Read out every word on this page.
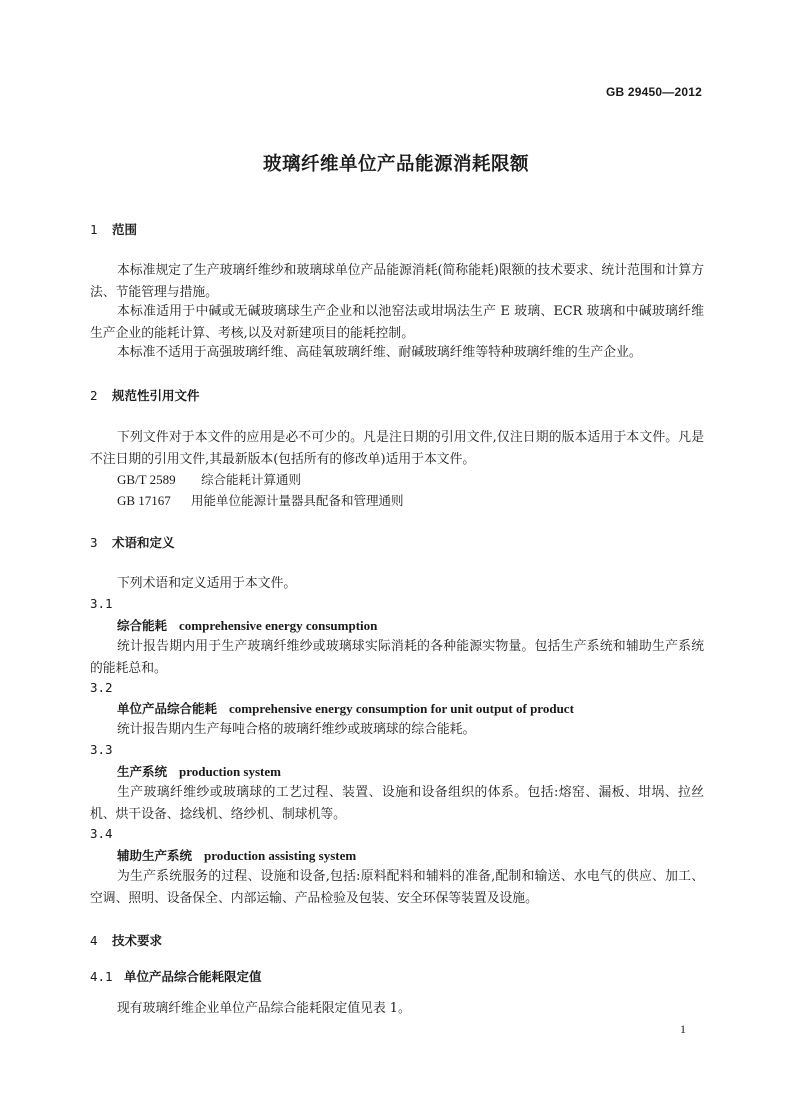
GB 29450—2012
玻璃纤维单位产品能源消耗限额
1 范围
本标准规定了生产玻璃纤维纱和玻璃球单位产品能源消耗(简称能耗)限额的技术要求、统计范围和计算方法、节能管理与措施。
本标准适用于中碱或无碱玻璃球生产企业和以池窑法或坩埚法生产 E 玻璃、ECR 玻璃和中碱玻璃纤维生产企业的能耗计算、考核,以及对新建项目的能耗控制。
本标准不适用于高强玻璃纤维、高硅氧玻璃纤维、耐碱玻璃纤维等特种玻璃纤维的生产企业。
2 规范性引用文件
下列文件对于本文件的应用是必不可少的。凡是注日期的引用文件,仅注日期的版本适用于本文件。凡是不注日期的引用文件,其最新版本(包括所有的修改单)适用于本文件。
GB/T 2589 综合能耗计算通则
GB 17167 用能单位能源计量器具配备和管理通则
3 术语和定义
下列术语和定义适用于本文件。
3.1
综合能耗 comprehensive energy consumption
统计报告期内用于生产玻璃纤维纱或玻璃球实际消耗的各种能源实物量。包括生产系统和辅助生产系统的能耗总和。
3.2
单位产品综合能耗 comprehensive energy consumption for unit output of product
统计报告期内生产每吨合格的玻璃纤维纱或玻璃球的综合能耗。
3.3
生产系统 production system
生产玻璃纤维纱或玻璃球的工艺过程、装置、设施和设备组织的体系。包括:熔窑、漏板、坩埚、拉丝机、烘干设备、捻线机、络纱机、制球机等。
3.4
辅助生产系统 production assisting system
为生产系统服务的过程、设施和设备,包括:原料配料和辅料的准备,配制和输送、水电气的供应、加工、空调、照明、设备保全、内部运输、产品检验及包装、安全环保等装置及设施。
4 技术要求
4.1 单位产品综合能耗限定值
现有玻璃纤维企业单位产品综合能耗限定值见表 1。
1
